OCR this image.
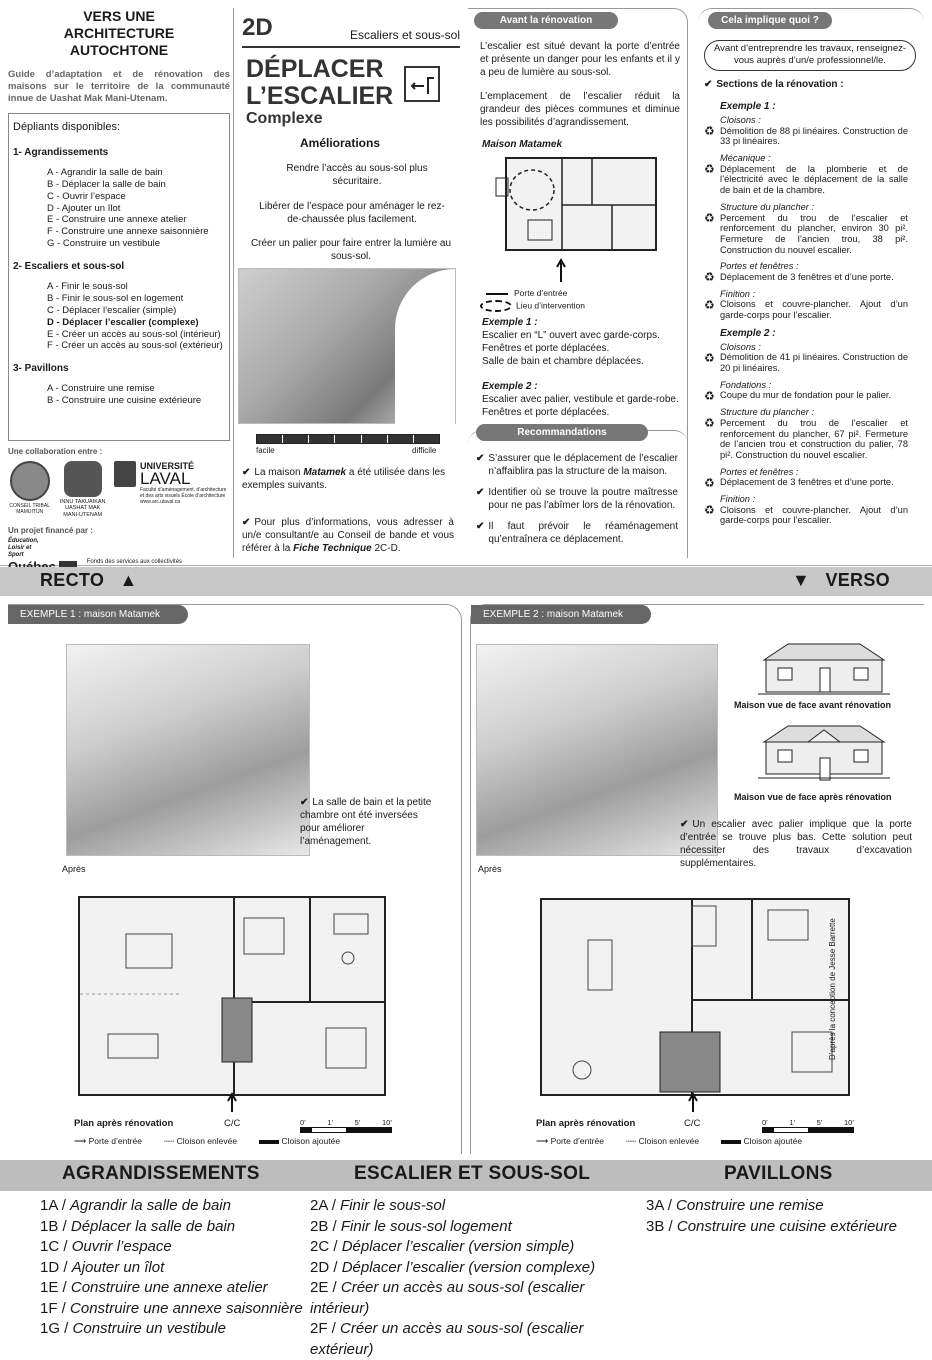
VERS UNE ARCHITECTURE AUTOCHTONE
Guide d’adaptation et de rénovation des maisons sur le territoire de la communauté innue de Uashat Mak Mani-Utenam.
Dépliants disponibles:
1- Agrandissements
A - Agrandir la salle de bain
B - Déplacer la salle de bain
C - Ouvrir l’espace
D - Ajouter un îlot
E - Construire une annexe atelier
F - Construire une annexe saisonnière
G - Construire un vestibule
2- Escaliers et sous-sol
A - Finir le sous-sol
B - Finir le sous-sol en logement
C - Déplacer l’escalier (simple)
D - Déplacer l’escalier (complexe)
E - Créer un accès au sous-sol (intérieur)
F - Créer un accès au sous-sol (extérieur)
3- Pavillons
A - Construire une remise
B - Construire une cuisine extérieure
Une collaboration entre :
CONSEIL TRIBAL MAMUITUN
INNU TAKUAIKAN UASHAT MAK MANI-UTENAM
UNIVERSITÉ
LAVAL
Faculté d’aménagement, d’architecture et des arts visuels École d’architecture www.arc.ulaval.ca
Un projet financé par :
Éducation, Loisir et Sport
Fonds des services aux collectivités
2D	Escaliers et sous-sol
DÉPLACER
L’ESCALIER
Complexe
Améliorations
Rendre l’accès au sous-sol plus sécuritaire.
Libérer de l’espace pour aménager le rez-de-chaussée plus facilement.
Créer un palier pour faire entrer la lumière au sous-sol.
facile	difficile
✔ La maison Matamek a été utilisée dans les exemples suivants.
✔ Pour plus d’informations, vous adresser à un/e consultant/e au Conseil de bande et vous référer à la Fiche Technique 2C-D.
Avant la rénovation
L’escalier est situé devant la porte d’entrée et présente un danger pour les enfants et il y a peu de lumière au sous-sol.
L’emplacement de l’escalier réduit la grandeur des pièces communes et diminue les possibilités d’agrandissement.
Maison Matamek
Porte d’entrée
Lieu d’intervention
Exemple 1 :
Escalier en “L” ouvert avec garde-corps.
Fenêtres et porte déplacées.
Salle de bain et chambre déplacées.
Exemple 2 :
Escalier avec palier, vestibule et garde-robe.
Fenêtres et porte déplacées.
Recommandations
✔ S’assurer que le déplacement de l’escalier n’affaiblira pas la structure de la maison.
✔ Identifier où se trouve la poutre maîtresse pour ne pas l’abîmer lors de la rénovation.
✔ Il faut prévoir le réaménagement qu’entraînera ce déplacement.
Cela implique quoi ?
Avant d’entreprendre les travaux, renseignez-vous auprès d’un/e professionnel/le.
✔ Sections de la rénovation :
Exemple 1 :
♻
Cloisons :
Démolition de 88 pi linéaires. Construction de 33 pi linéaires.
♻
Mécanique :
Déplacement de la plomberie et de l’électricité avec le déplacement de la salle de bain et de la chambre.
♻
Structure du plancher :
Percement du trou de l’escalier et renforcement du plancher, environ 30 pi². Fermeture de l’ancien trou, 38 pi². Construction du nouvel escalier.
♻
Portes et fenêtres :
Déplacement de 3 fenêtres et d’une porte.
♻
Finition :
Cloisons et couvre-plancher. Ajout d’un garde-corps pour l’escalier.
Exemple 2 :
♻
Cloisons :
Démolition de 41 pi linéaires. Construction de 20 pi linéaires.
♻
Fondations :
Coupe du mur de fondation pour le palier.
♻
Structure du plancher :
Percement du trou de l’escalier et renforcement du plancher, 67 pi². Fermeture de l’ancien trou et construction du palier, 78 pi². Construction du nouvel escalier.
♻
Portes et fenêtres :
Déplacement de 3 fenêtres et d’une porte.
♻
Finition :
Cloisons et couvre-plancher. Ajout d’un garde-corps pour l’escalier.
RECTO ▲	▼ VERSO
EXEMPLE 1 : maison Matamek
✔ La salle de bain et la petite chambre ont été inversées pour améliorer l’aménagement.
Après
Plan après rénovation	C/C	0’	1’	5’	10’
⟶ Porte d’entrée	┄┄ Cloison enlevée	Cloison ajoutée
EXEMPLE 2 : maison Matamek
Maison vue de face avant rénovation
Maison vue de face après rénovation
✔ Un escalier avec palier implique que la porte d’entrée se trouve plus bas. Cette solution peut nécessiter des travaux d’excavation supplémentaires.
Après
Plan après rénovation	C/C	0’	1’	5’	10’
⟶ Porte d’entrée	┄┄ Cloison enlevée	Cloison ajoutée
D’après la conception de Jesse Barrette
AGRANDISSEMENTS	ESCALIER ET SOUS-SOL	PAVILLONS
1A / Agrandir la salle de bain
1B / Déplacer la salle de bain
1C / Ouvrir l’espace
1D / Ajouter un îlot
1E / Construire une annexe atelier
1F / Construire une annexe saisonnière
1G / Construire un vestibule
2A / Finir le sous-sol
2B / Finir le sous-sol logement
2C / Déplacer l’escalier (version simple)
2D / Déplacer l’escalier (version complexe)
2E / Créer un accès au sous-sol (escalier intérieur)
2F / Créer un accès au sous-sol (escalier extérieur)
3A / Construire une remise
3B / Construire une cuisine extérieure
